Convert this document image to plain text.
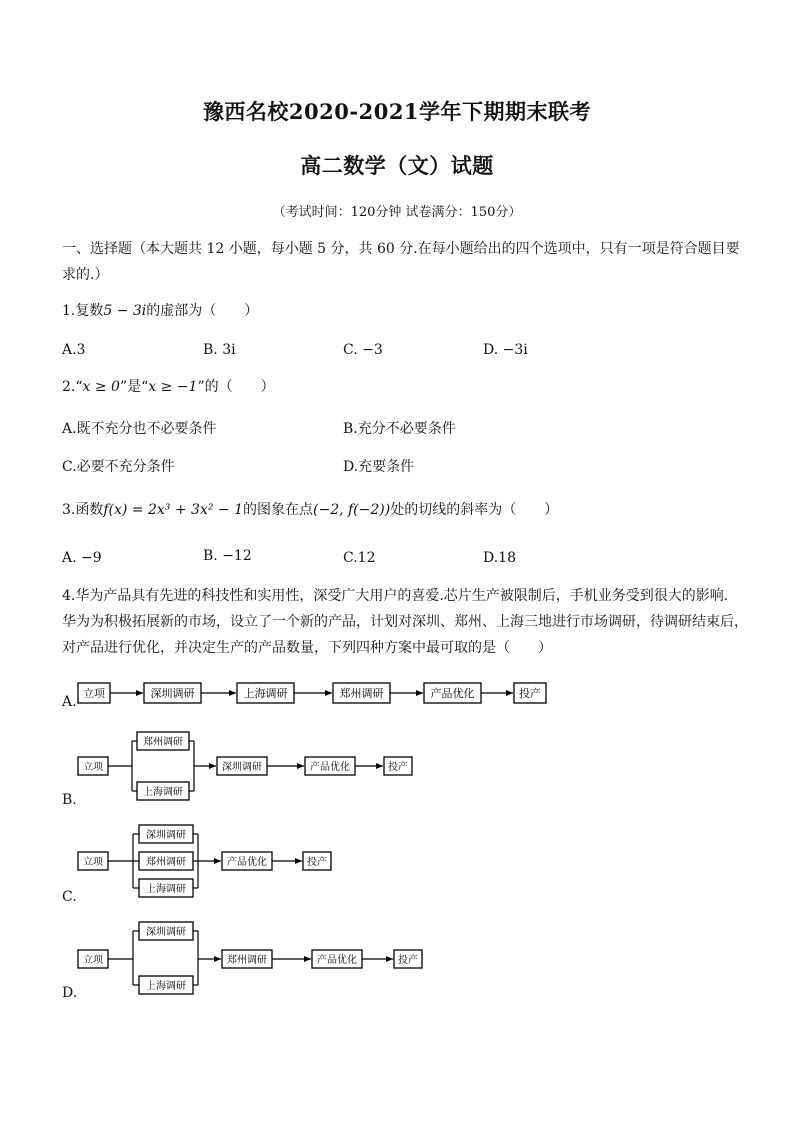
豫西名校2020-2021学年下期期末联考
高二数学（文）试题
（考试时间：120分钟 试卷满分：150分）
一、选择题（本大题共 12 小题，每小题 5 分，共 60 分.在每小题给出的四个选项中，只有一项是符合题目要
求的.）
1.复数5 − 3i的虚部为（　　）
A.3	B. 3i	C. −3	D. −3i
2.“x ≥ 0”是“x ≥ −1”的（　　）
A.既不充分也不必要条件	B.充分不必要条件
C.必要不充分条件	D.充要条件
3.函数f(x) = 2x³ + 3x² − 1的图象在点(−2, f(−2))处的切线的斜率为（　　）
A. −9	B. −12	C.12	D.18
4.华为产品具有先进的科技性和实用性，深受广大用户的喜爱.芯片生产被限制后，手机业务受到很大的影响.
华为为积极拓展新的市场，设立了一个新的产品，计划对深圳、郑州、上海三地进行市场调研，待调研结束后，
对产品进行优化，并决定生产的产品数量，下列四种方案中最可取的是（　　）
A.
B.
C.
D.
立项	深圳调研	上海调研	郑州调研	产品优化	投产
立项
郑州调研
上海调研
深圳调研	产品优化	投产
立项
深圳调研
郑州调研
上海调研
产品优化	投产
立项
深圳调研
上海调研
郑州调研	产品优化	投产
